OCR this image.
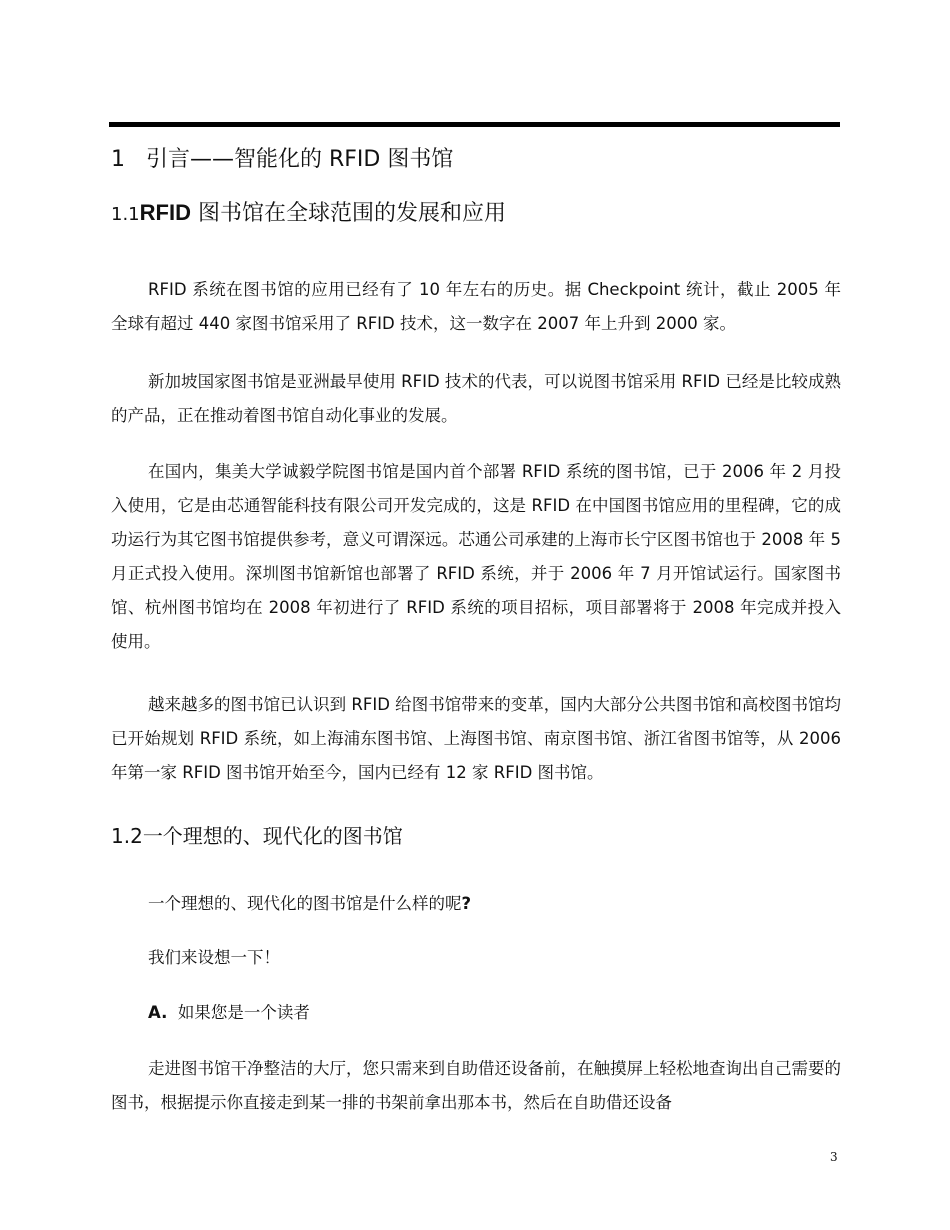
1 引言——智能化的 RFID 图书馆
1.1RFID 图书馆在全球范围的发展和应用

RFID 系统在图书馆的应用已经有了 10 年左右的历史。据 Checkpoint 统计，截止 2005 年全球有超过 440 家图书馆采用了 RFID 技术，这一数字在 2007 年上升到 2000 家。

新加坡国家图书馆是亚洲最早使用 RFID 技术的代表，可以说图书馆采用 RFID 已经是比较成熟的产品，正在推动着图书馆自动化事业的发展。

在国内，集美大学诚毅学院图书馆是国内首个部署 RFID 系统的图书馆，已于 2006 年 2 月投入使用，它是由芯通智能科技有限公司开发完成的，这是 RFID 在中国图书馆应用的里程碑，它的成功运行为其它图书馆提供参考，意义可谓深远。芯通公司承建的上海市长宁区图书馆也于 2008 年 5 月正式投入使用。深圳图书馆新馆也部署了 RFID 系统，并于 2006 年 7 月开馆试运行。国家图书馆、杭州图书馆均在 2008 年初进行了 RFID 系统的项目招标，项目部署将于 2008 年完成并投入使用。

越来越多的图书馆已认识到 RFID 给图书馆带来的变革，国内大部分公共图书馆和高校图书馆均已开始规划 RFID 系统，如上海浦东图书馆、上海图书馆、南京图书馆、浙江省图书馆等，从 2006 年第一家 RFID 图书馆开始至今，国内已经有 12 家 RFID 图书馆。

1.2一个理想的、现代化的图书馆
一个理想的、现代化的图书馆是什么样的呢?
我们来设想一下！
A. 如果您是一个读者

走进图书馆干净整洁的大厅，您只需来到自助借还设备前，在触摸屏上轻松地查询出自己需要的图书，根据提示你直接走到某一排的书架前拿出那本书，然后在自助借还设备

3
